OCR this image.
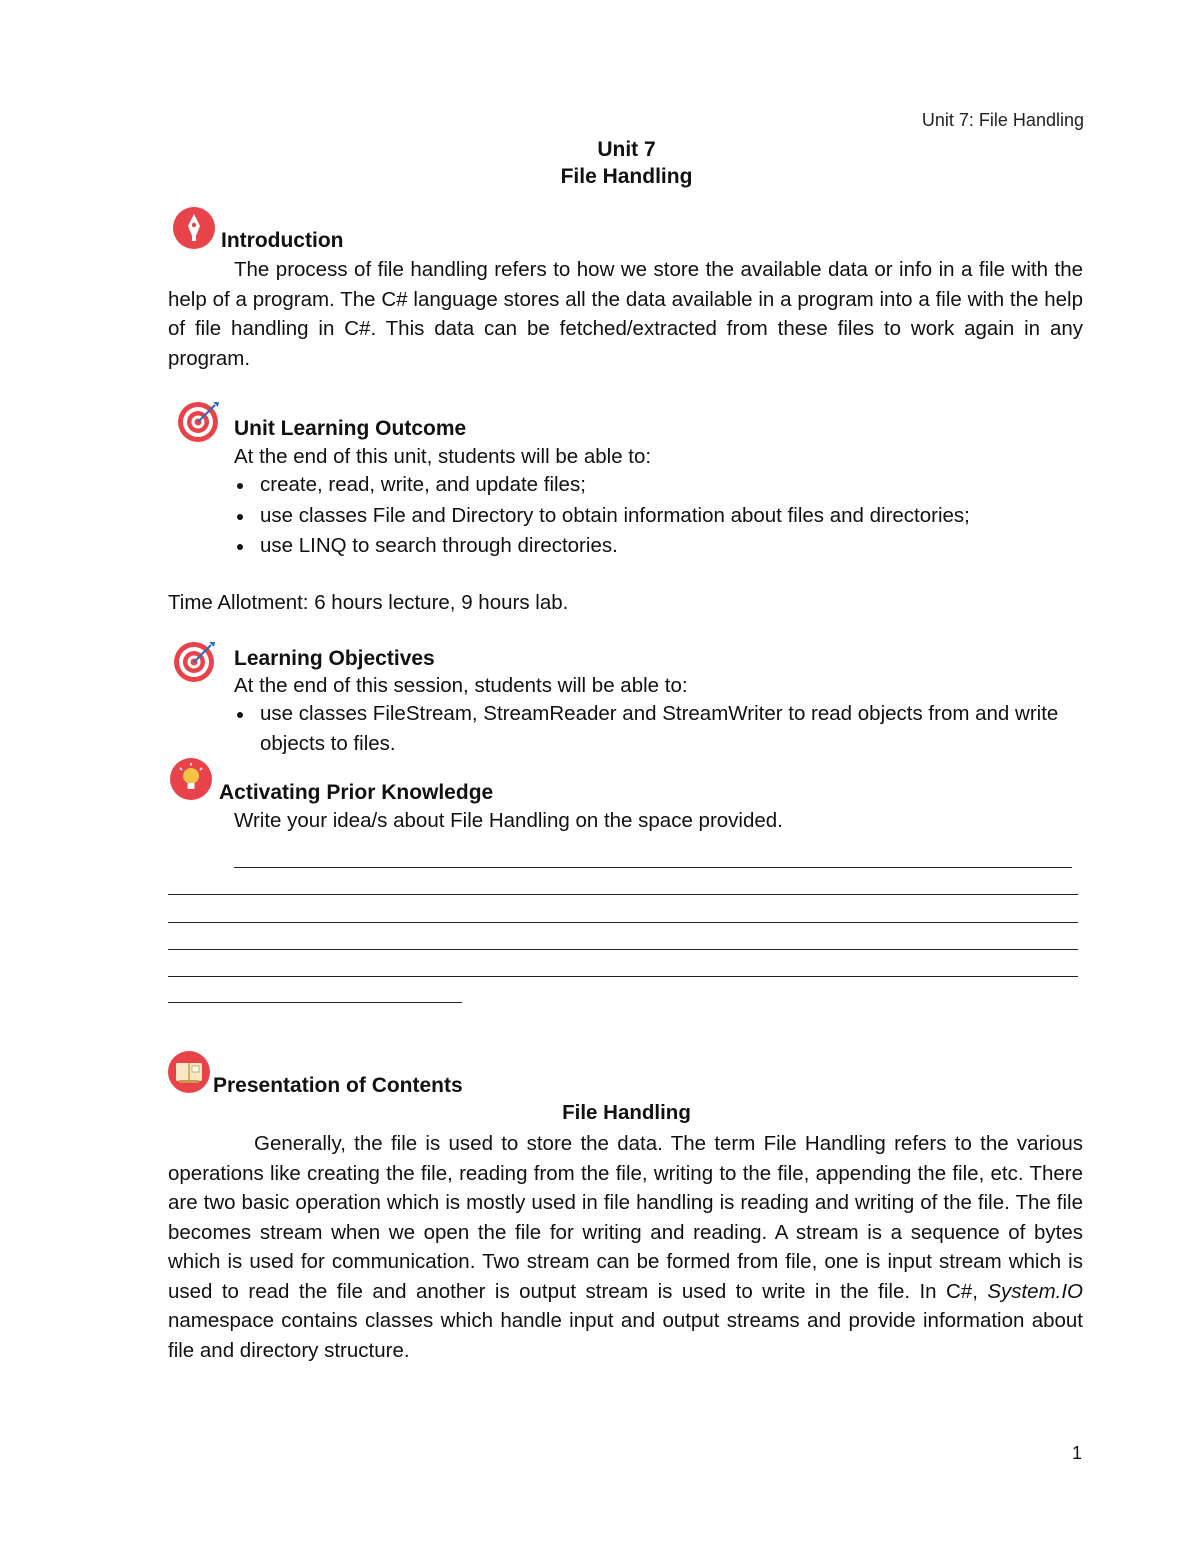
Unit 7: File Handling
Unit 7
File Handling
Introduction
The process of file handling refers to how we store the available data or info in a file with the help of a program. The C# language stores all the data available in a program into a file with the help of file handling in C#. This data can be fetched/extracted from these files to work again in any program.
Unit Learning Outcome
At the end of this unit, students will be able to:
create, read, write, and update files;
use classes File and Directory to obtain information about files and directories;
use LINQ to search through directories.
Time Allotment: 6 hours lecture, 9 hours lab.
Learning Objectives
At the end of this session, students will be able to:
use classes FileStream, StreamReader and StreamWriter to read objects from and write objects to files.
Activating Prior Knowledge
Write your idea/s about File Handling on the space provided.
Presentation of Contents
File Handling
Generally, the file is used to store the data. The term File Handling refers to the various operations like creating the file, reading from the file, writing to the file, appending the file, etc. There are two basic operation which is mostly used in file handling is reading and writing of the file. The file becomes stream when we open the file for writing and reading. A stream is a sequence of bytes which is used for communication. Two stream can be formed from file, one is input stream which is used to read the file and another is output stream is used to write in the file. In C#, System.IO namespace contains classes which handle input and output streams and provide information about file and directory structure.
1
